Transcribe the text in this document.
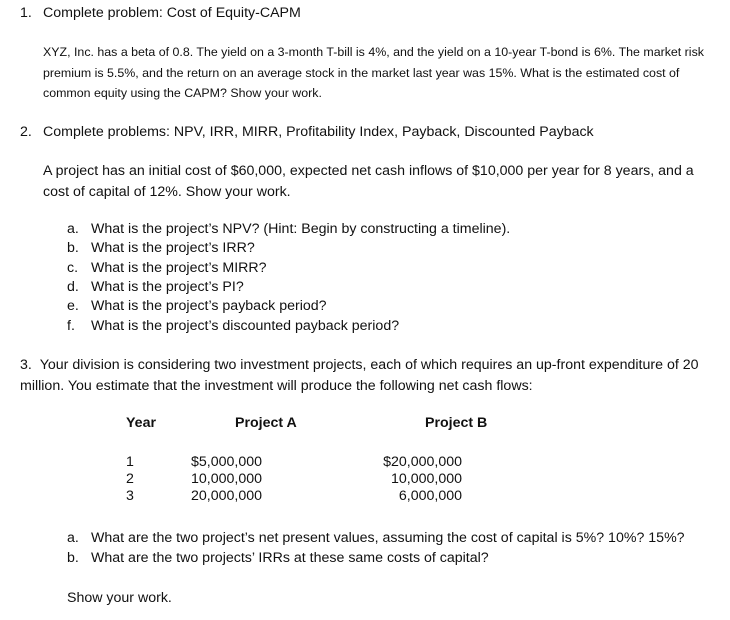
1. Complete problem: Cost of Equity-CAPM
XYZ, Inc. has a beta of 0.8. The yield on a 3-month T-bill is 4%, and the yield on a 10-year T-bond is 6%. The market risk premium is 5.5%, and the return on an average stock in the market last year was 15%. What is the estimated cost of common equity using the CAPM? Show your work.
2. Complete problems: NPV, IRR, MIRR, Profitability Index, Payback, Discounted Payback
A project has an initial cost of $60,000, expected net cash inflows of $10,000 per year for 8 years, and a cost of capital of 12%. Show your work.
a. What is the project’s NPV? (Hint: Begin by constructing a timeline).
b. What is the project’s IRR?
c. What is the project’s MIRR?
d. What is the project’s PI?
e. What is the project’s payback period?
f. What is the project’s discounted payback period?
3. Your division is considering two investment projects, each of which requires an up-front expenditure of 20 million. You estimate that the investment will produce the following net cash flows:
Year	Project A	Project B
1
2
3
$5,000,000
10,000,000
20,000,000
$20,000,000
10,000,000
6,000,000
a. What are the two project’s net present values, assuming the cost of capital is 5%? 10%? 15%?
b. What are the two projects’ IRRs at these same costs of capital?
Show your work.
